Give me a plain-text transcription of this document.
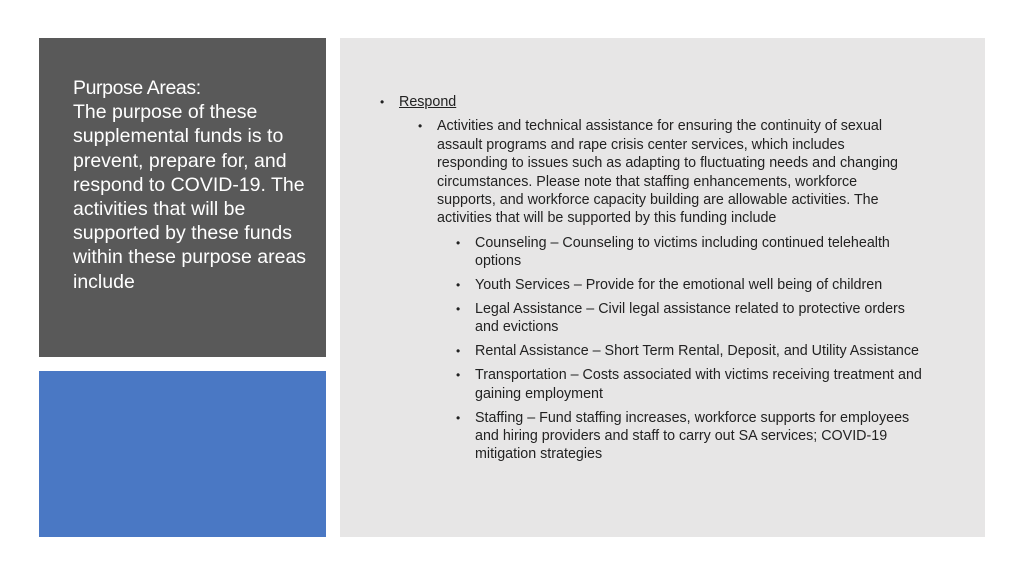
Purpose Areas:
The purpose of these supplemental funds is to prevent, prepare for, and respond to COVID-19. The activities that will be supported by these funds within these purpose areas include
• Respond
• Activities and technical assistance for ensuring the continuity of sexual assault programs and rape crisis center services, which includes responding to issues such as adapting to fluctuating needs and changing circumstances. Please note that staffing enhancements, workforce supports, and workforce capacity building are allowable activities. The activities that will be supported by this funding include
• Counseling – Counseling to victims including continued telehealth options
• Youth Services – Provide for the emotional well being of children
• Legal Assistance – Civil legal assistance related to protective orders and evictions
• Rental Assistance – Short Term Rental, Deposit, and Utility Assistance
• Transportation – Costs associated with victims receiving treatment and gaining employment
• Staffing – Fund staffing increases, workforce supports for employees and hiring providers and staff to carry out SA services; COVID-19 mitigation strategies
